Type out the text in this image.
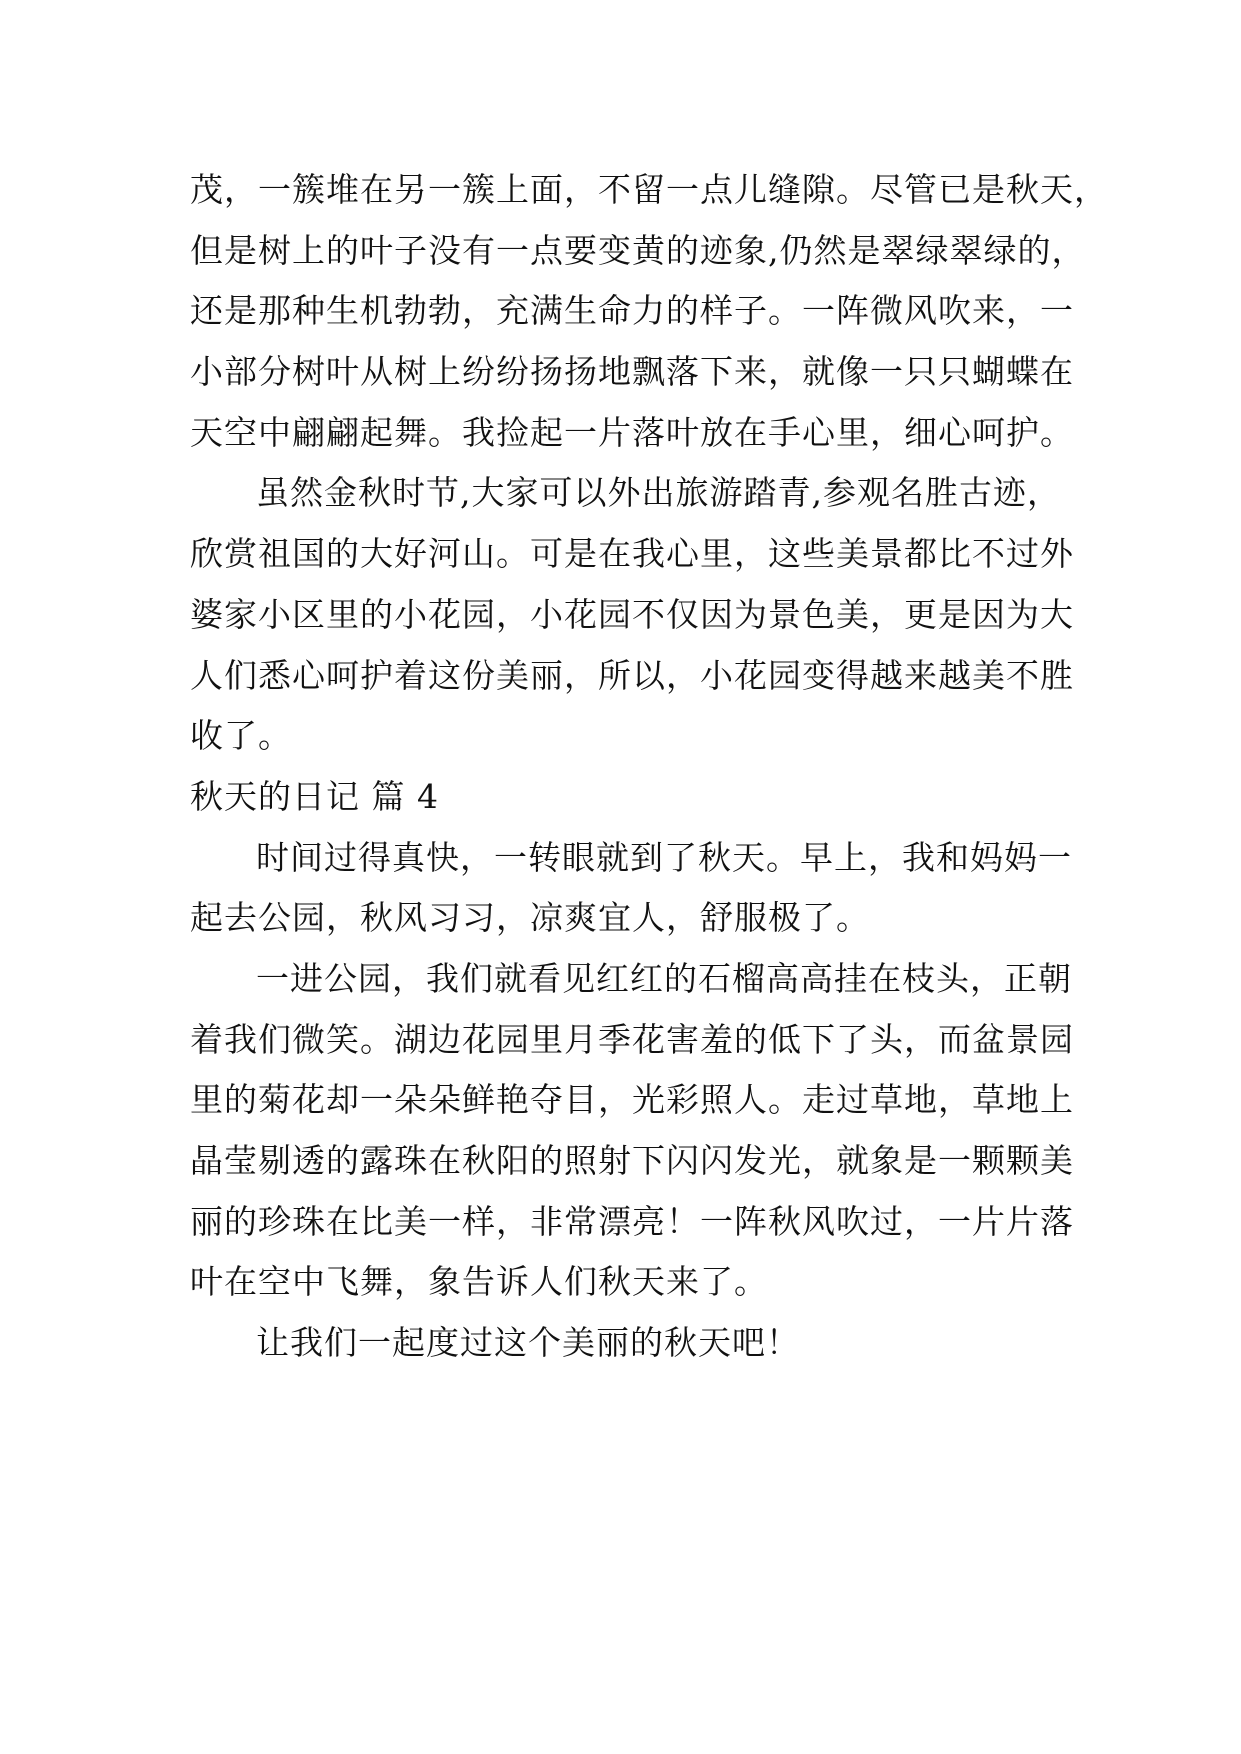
茂，一簇堆在另一簇上面，不留一点儿缝隙。尽管已是秋天，
但是树上的叶子没有一点要变黄的迹象,仍然是翠绿翠绿的，
还是那种生机勃勃，充满生命力的样子。一阵微风吹来，一
小部分树叶从树上纷纷扬扬地飘落下来，就像一只只蝴蝶在
天空中翩翩起舞。我捡起一片落叶放在手心里，细心呵护。
虽然金秋时节,大家可以外出旅游踏青,参观名胜古迹，
欣赏祖国的大好河山。可是在我心里，这些美景都比不过外
婆家小区里的小花园，小花园不仅因为景色美，更是因为大
人们悉心呵护着这份美丽，所以，小花园变得越来越美不胜
收了。
秋天的日记 篇 4
时间过得真快，一转眼就到了秋天。早上，我和妈妈一
起去公园，秋风习习，凉爽宜人，舒服极了。
一进公园，我们就看见红红的石榴高高挂在枝头，正朝
着我们微笑。湖边花园里月季花害羞的低下了头，而盆景园
里的菊花却一朵朵鲜艳夺目，光彩照人。走过草地，草地上
晶莹剔透的露珠在秋阳的照射下闪闪发光，就象是一颗颗美
丽的珍珠在比美一样，非常漂亮！一阵秋风吹过，一片片落
叶在空中飞舞，象告诉人们秋天来了。
让我们一起度过这个美丽的秋天吧！
